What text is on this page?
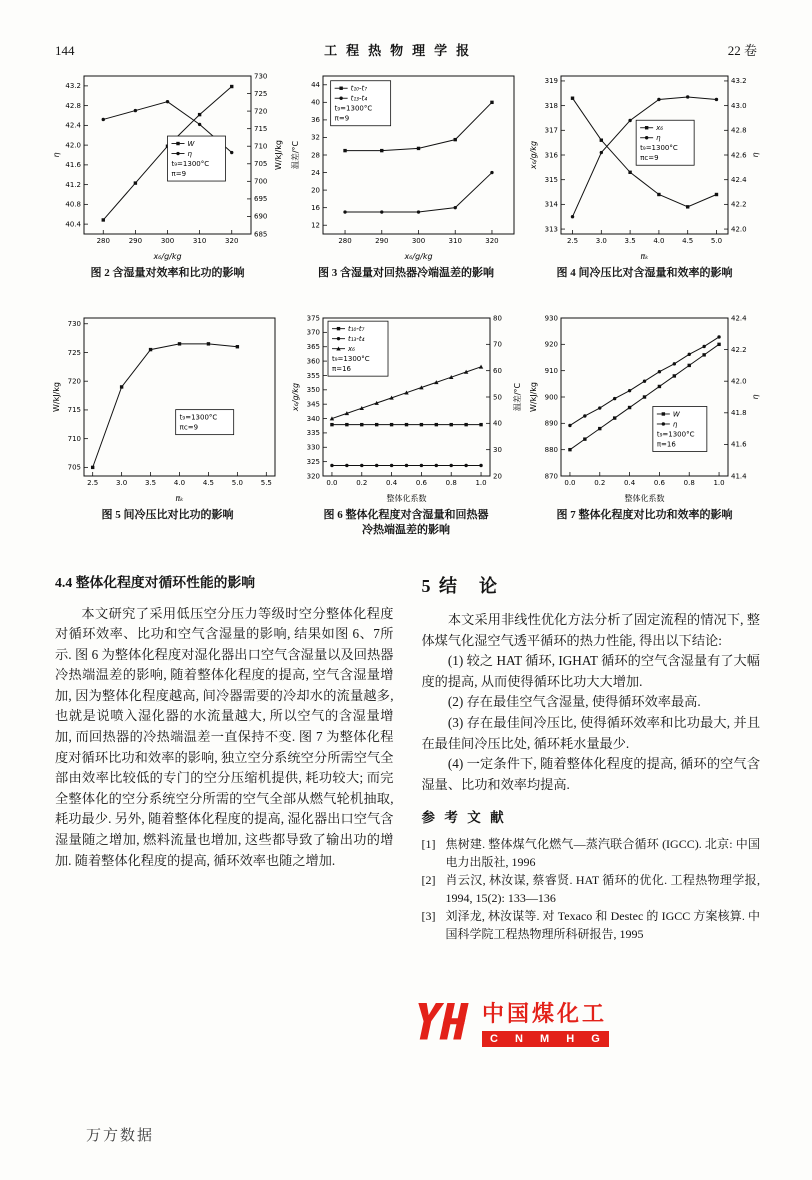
144	工程热物理学报	22 卷
280	290	300	310	320
40.4
40.8
41.2
41.6
42.0
42.4
42.8
43.2
685
690
695
700
705
710
715
720
725
730
x₆/g/kg
η	W/kJ/kg
W
η
t₉=1300°C
π=9
图 2 含湿量对效率和比功的影响
280	290	300	310	320
12
16
20
24
28
32
36
40
44
x₆/g/kg
温差/°C
t₁₀-t₇
t₁₃-t₄
t₉=1300°C
π=9
图 3 含湿量对回热器冷端温差的影响
2.5	3.0	3.5	4.0	4.5	5.0
313
314
315
316
317
318
319
42.0
42.2
42.4
42.6
42.8
43.0
43.2
πₖ
x₆/g/kg	η
x₆
η
t₉=1300°C
πc=9
图 4 间冷压比对含湿量和效率的影响
2.5	3.0	3.5	4.0	4.5	5.0	5.5
705
710
715
720
725
730
πₖ
W/kJ/kg
t₉=1300°C
πc=9
图 5 间冷压比对比功的影响
0.0	0.2	0.4	0.6	0.8	1.0
320
325
330
335
340
345
350
355
360
365
370
375
20
30
40
50
60
70
80
整体化系数
x₆/g/kg	温差/°C
t₁₀-t₇
t₁₃-t₄
x₆
t₉=1300°C
π=16
图 6 整体化程度对含湿量和回热器
冷热端温差的影响
0.0	0.2	0.4	0.6	0.8	1.0
870
880
890
900
910
920
930
41.4
41.6
41.8
42.0
42.2
42.4
整体化系数
W/kJ/kg	η
W
η
t₉=1300°C
π=16
图 7 整体化程度对比功和效率的影响
4.4 整体化程度对循环性能的影响

本文研究了采用低压空分压力等级时空分整体化程度对循环效率、比功和空气含湿量的影响, 结果如图 6、7所示. 图 6 为整体化程度对湿化器出口空气含湿量以及回热器冷热端温差的影响, 随着整体化程度的提高, 空气含湿量增加, 因为整体化程度越高, 间冷器需要的冷却水的流量越多, 也就是说喷入湿化器的水流量越大, 所以空气的含湿量增加, 而回热器的冷热端温差一直保持不变. 图 7 为整体化程度对循环比功和效率的影响, 独立空分系统空分所需空气全部由效率比较低的专门的空分压缩机提供, 耗功较大; 而完全整体化的空分系统空分所需的空气全部从燃气轮机抽取, 耗功最少. 另外, 随着整体化程度的提高, 湿化器出口空气含湿量随之增加, 燃料流量也增加, 这些都导致了输出功的增加. 随着整体化程度的提高, 循环效率也随之增加.

5 结　论

本文采用非线性优化方法分析了固定流程的情况下, 整体煤气化湿空气透平循环的热力性能, 得出以下结论:

(1) 较之 HAT 循环, IGHAT 循环的空气含湿量有了大幅度的提高, 从而使得循环比功大大增加.

(2) 存在最佳空气含湿量, 使得循环效率最高.

(3) 存在最佳间冷压比, 使得循环效率和比功最大, 并且在最佳间冷压比处, 循环耗水量最少.

(4) 一定条件下, 随着整体化程度的提高, 循环的空气含湿量、比功和效率均提高.

参 考 文 献

[1] 焦树建. 整体煤气化燃气—蒸汽联合循环 (IGCC). 北京: 中国电力出版社, 1996

[2] 肖云汉, 林汝谋, 蔡睿贤. HAT 循环的优化. 工程热物理学报, 1994, 15(2): 133—136

[3] 刘泽龙, 林汝谋等. 对 Texaco 和 Destec 的 IGCC 方案核算. 中国科学院工程热物理所科研报告, 1995

中国煤化工
C N M H G
万方数据
